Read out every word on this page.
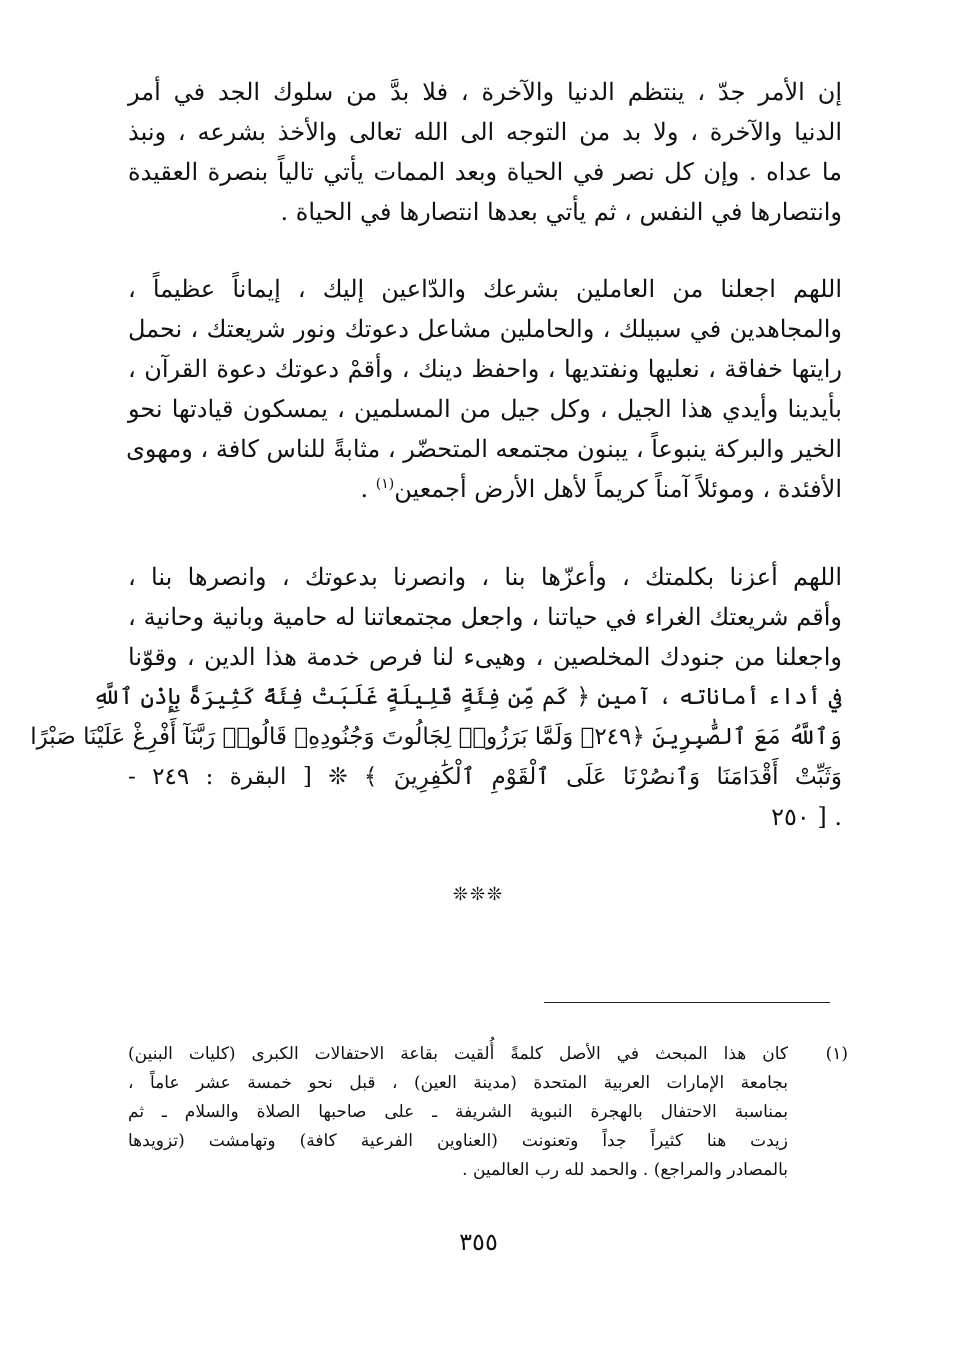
إن الأمر جدّ ، ينتظم الدنيا والآخرة ، فلا بدَّ من سلوك الجد في أمر
الدنيا والآخرة ، ولا بد من التوجه الى الله تعالى والأخذ بشرعه ، ونبذ
ما عداه . وإن كل نصر في الحياة وبعد الممات يأتي تالياً بنصرة العقيدة
وانتصارها في النفس ، ثم يأتي بعدها انتصارها في الحياة .
اللهم اجعلنا من العاملين بشرعك والدّاعين إليك ، إيماناً عظيماً ،
والمجاهدين في سبيلك ، والحاملين مشاعل دعوتك ونور شريعتك ، نحمل
رايتها خفاقة ، نعليها ونفتديها ، واحفظ دينك ، وأقمْ دعوتك دعوة القرآن ،
بأيدينا وأيدي هذا الجيل ، وكل جيل من المسلمين ، يمسكون قيادتها نحو
الخير والبركة ينبوعاً ، يبنون مجتمعه المتحضّر ، مثابةً للناس كافة ، ومهوى
الأفئدة ، وموئلاً آمناً كريماً لأهل الأرض أجمعين$^{(١)}$ .
اللهم أعزنا بكلمتك ، وأعزّها بنا ، وانصرنا بدعوتك ، وانصرها بنا ،
وأقم شريعتك الغراء في حياتنا ، واجعل مجتمعاتنا له حامية وبانية وحانية ،
واجعلنا من جنودك المخلصين ، وهيىء لنا فرص خدمة هذا الدين ، وقوّنا
في أداء أماناته ، آمين ﴿ كَم مِّن فِئَةٍ قَلِيلَةٍ غَلَبَتْ فِئَةً كَثِيرَةً بِإِذْنِ ٱللَّهِ
وَٱللَّهُ مَعَ ٱلصَّٰبِرِينَ ﴿٢٤٩﴾ وَلَمَّا بَرَزُوا۟ لِجَالُوتَ وَجُنُودِهِۦ قَالُوا۟ رَبَّنَآ أَفْرِغْ عَلَيْنَا صَبْرًا
وَثَبِّتْ أَقْدَامَنَا وَٱنصُرْنَا عَلَى ٱلْقَوْمِ ٱلْكَٰفِرِينَ ﴾ ❊ [ البقرة : ٢٤٩ -
. [ ٢٥٠
❊❊❊
(١)
كان هذا المبحث في الأصل كلمةً أُلقيت بقاعة الاحتفالات الكبرى (كليات البنين)
بجامعة الإمارات العربية المتحدة (مدينة العين) ، قبل نحو خمسة عشر عاماً ،
بمناسبة الاحتفال بالهجرة النبوية الشريفة ـ على صاحبها الصلاة والسلام ـ ثم
زيدت هنا كثيراً جداً وتعنونت (العناوين الفرعية كافة) وتهامشت (تزويدها
بالمصادر والمراجع) . والحمد لله رب العالمين .
٣٥٥
